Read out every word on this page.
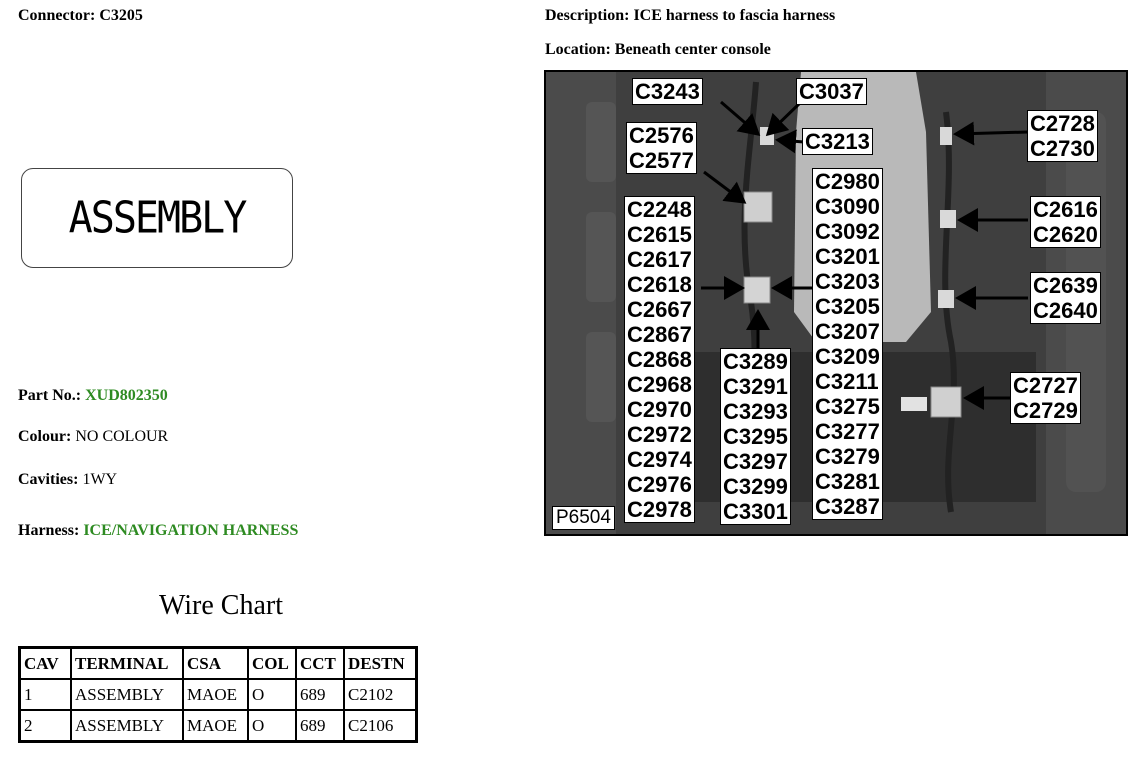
Connector: C3205	Description: ICE harness to fascia harness
Location: Beneath center console
ASSEMBLY
Part No.: XUD802350
Colour: NO COLOUR
Cavities: 1WY
Harness: ICE/NAVIGATION HARNESS
Wire Chart
CAV	TERMINAL	CSA	COL	CCT	DESTN
1	ASSEMBLY	MAOE	O	689	C2102
2	ASSEMBLY	MAOE	O	689	C2106
C3243	C3037
C3213
C2576
C2577
C2728
C2730
C2248
C2615
C2617
C2618
C2667
C2867
C2868
C2968
C2970
C2972
C2974
C2976
C2978
C2980
C3090
C3092
C3201
C3203
C3205
C3207
C3209
C3211
C3275
C3277
C3279
C3281
C3287
C3289
C3291
C3293
C3295
C3297
C3299
C3301
C2616
C2620
C2639
C2640
C2727
C2729
P6504
